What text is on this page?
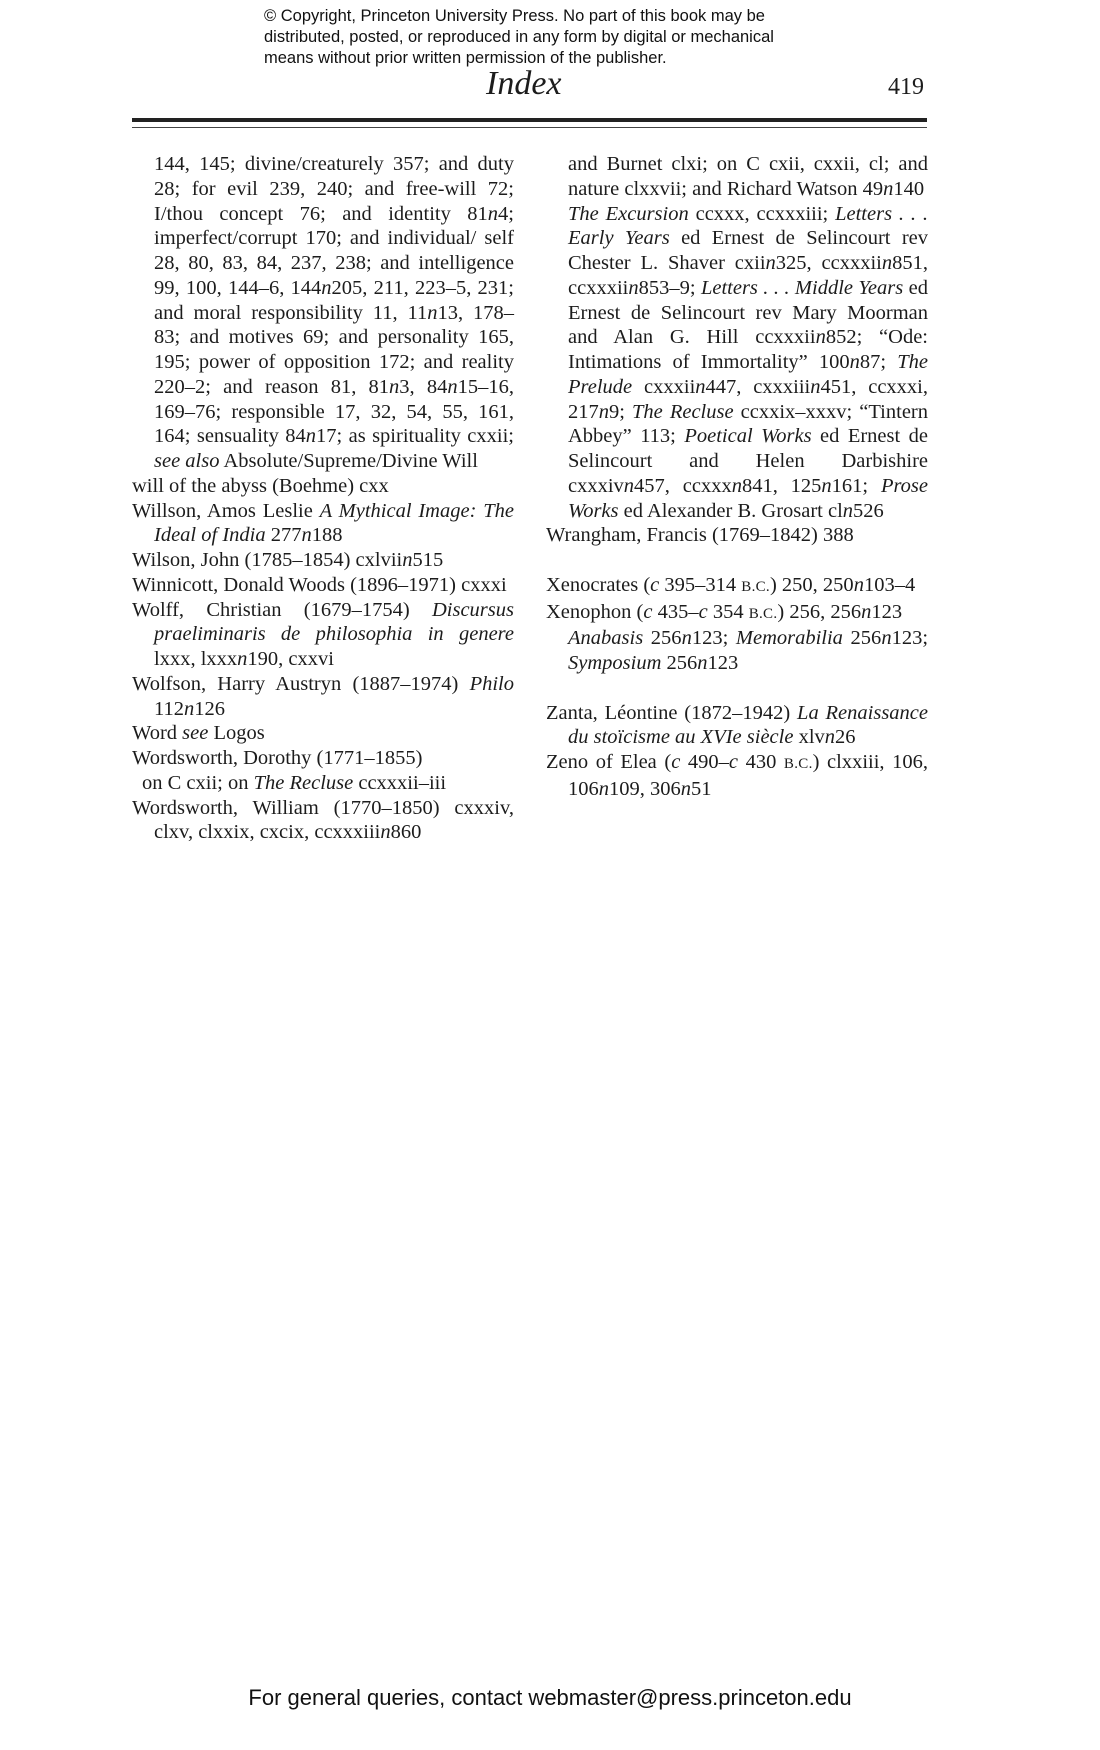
© Copyright, Princeton University Press. No part of this book may be
distributed, posted, or reproduced in any form by digital or mechanical
means without prior written permission of the publisher.
Index	419

144, 145; divine/creaturely 357; and duty 28; for evil 239, 240; and free-will 72; I/thou concept 76; and identity 81n4; imperfect/corrupt 170; and individual/ self 28, 80, 83, 84, 237, 238; and intelligence 99, 100, 144–6, 144n205, 211, 223–5, 231; and moral responsibility 11, 11n13, 178–83; and motives 69; and personality 165, 195; power of opposition 172; and reality 220–2; and reason 81, 81n3, 84n15–16, 169–76; responsible 17, 32, 54, 55, 161, 164; sensuality 84n17; as spirituality cxxii; see also Absolute/Supreme/Divine Will

will of the abyss (Boehme) cxx

Willson, Amos Leslie A Mythical Image: The Ideal of India 277n188

Wilson, John (1785–1854) cxlviin515

Winnicott, Donald Woods (1896–1971) cxxxi

Wolff, Christian (1679–1754) Discursus praeliminaris de philosophia in genere lxxx, lxxxn190, cxxvi

Wolfson, Harry Austryn (1887–1974) Philo 112n126

Word see Logos

Wordsworth, Dorothy (1771–1855)

on C cxii; on The Recluse ccxxxii–iii

Wordsworth, William (1770–1850) cxxxiv, clxv, clxxix, cxcix, ccxxxiiin860

and Burnet clxi; on C cxii, cxxii, cl; and nature clxxvii; and Richard Watson 49n140

The Excursion ccxxx, ccxxxiii; Letters . . . Early Years ed Ernest de Selincourt rev Chester L. Shaver cxiin325, ccxxxiin851, ccxxxiin853–9; Letters . . . Middle Years ed Ernest de Selincourt rev Mary Moorman and Alan G. Hill ccxxxiin852; “Ode: Intimations of Immortality” 100n87; The Prelude cxxxiin447, cxxxiiin451, ccxxxi, 217n9; The Recluse ccxxix–xxxv; “Tintern Abbey” 113; Poetical Works ed Ernest de Selincourt and Helen Darbishire cxxxivn457, ccxxxn841, 125n161; Prose Works ed Alexander B. Grosart cln526

Wrangham, Francis (1769–1842) 388

Xenocrates (c 395–314 B.C.) 250, 250n103–4

Xenophon (c 435–c 354 B.C.) 256, 256n123

Anabasis 256n123; Memorabilia 256n123; Symposium 256n123

Zanta, Léontine (1872–1942) La Renaissance du stoïcisme au XVIe siècle xlvn26

Zeno of Elea (c 490–c 430 B.C.) clxxiii, 106, 106n109, 306n51

For general queries, contact webmaster@press.princeton.edu
